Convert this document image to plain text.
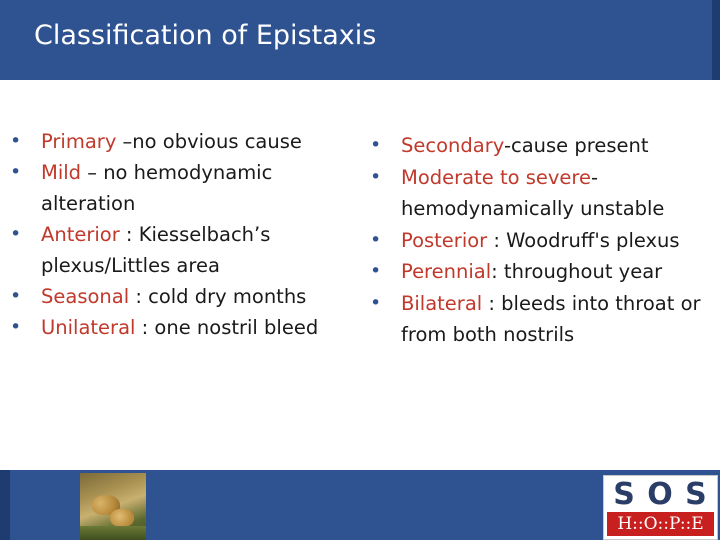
Classification of Epistaxis
• Primary –no obvious cause
• Mild – no hemodynamic alteration
• Anterior : Kiesselbach’s plexus/Littles area
• Seasonal : cold dry months
• Unilateral : one nostril bleed
• Secondary-cause present
• Moderate to severe- hemodynamically unstable
• Posterior : Woodruff's plexus
• Perennial: throughout year
• Bilateral : bleeds into throat or from both nostrils
S O S
H::O::P::E
